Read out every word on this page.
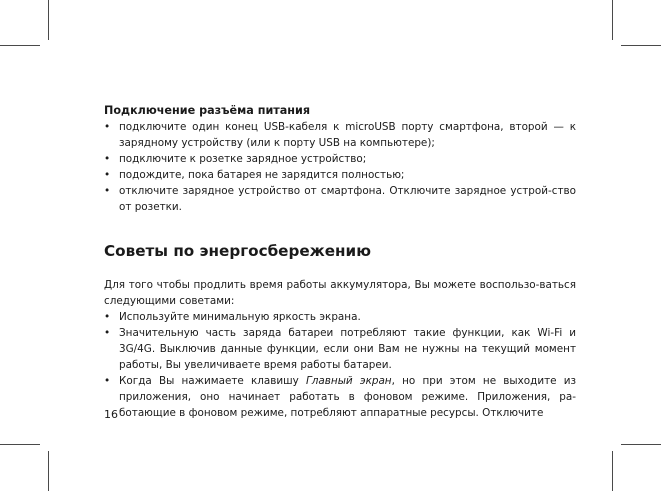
Подключение разъёма питания
• подключите один конец USB-кабеля к microUSB порту смартфона, второй — к зарядному устройству (или к порту USB на компьютере);
• подключите к розетке зарядное устройство;
• подождите, пока батарея не зарядится полностью;
• отключите зарядное устройство от смартфона. Отключите зарядное устрой-ство от розетки.
Советы по энергосбережению

Для того чтобы продлить время работы аккумулятора, Вы можете воспользо-ваться следующими советами:

• Используйте минимальную яркость экрана.
• Значительную часть заряда батареи потребляют такие функции, как Wi-Fi и 3G/4G. Выключив данные функции, если они Вам не нужны на текущий момент работы, Вы увеличиваете время работы батареи.
• Когда Вы нажимаете клавишу Главный экран, но при этом не выходите из приложения, оно начинает работать в фоновом режиме. Приложения, ра-ботающие в фоновом режиме, потребляют аппаратные ресурсы. Отключите
16
